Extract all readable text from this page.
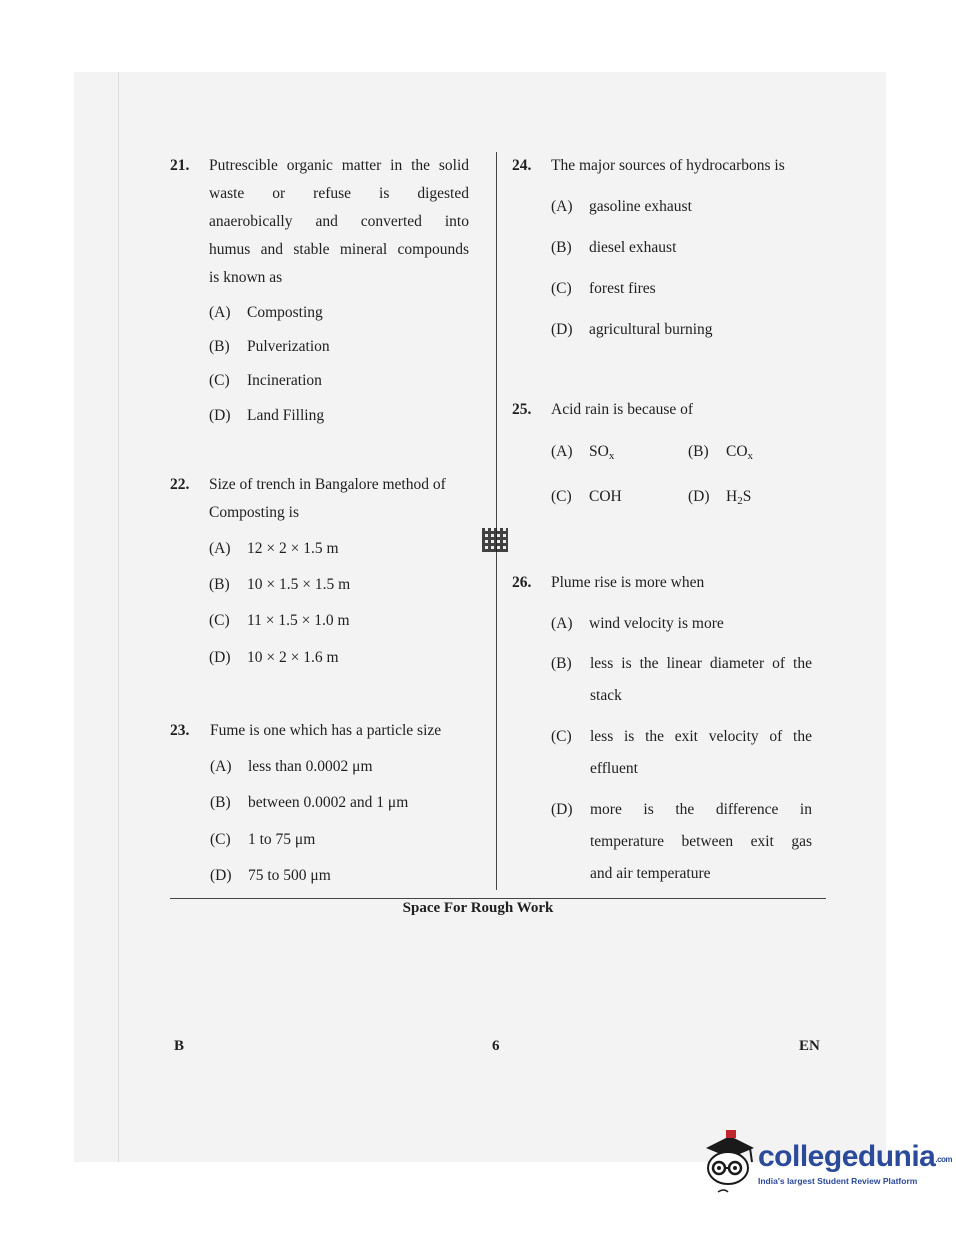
21. Putrescible organic matter in the solid
waste or refuse is digested
anaerobically and converted into
humus and stable mineral compounds
is known as
(A) Composting
(B) Pulverization
(C) Incineration
(D) Land Filling
22. Size of trench in Bangalore method of
Composting is
(A) 12 × 2 × 1.5 m
(B) 10 × 1.5 × 1.5 m
(C) 11 × 1.5 × 1.0 m
(D) 10 × 2 × 1.6 m
23. Fume is one which has a particle size
(A) less than 0.0002 μm
(B) between 0.0002 and 1 μm
(C) 1 to 75 μm
(D) 75 to 500 μm
24. The major sources of hydrocarbons is
(A) gasoline exhaust
(B) diesel exhaust
(C) forest fires
(D) agricultural burning
25. Acid rain is because of
(A) $SO_x$	(B) $CO_x$
(C) COH	(D) $H_2S$
26. Plume rise is more when
(A) wind velocity is more
(B)	less is the linear diameter of the
stack
(C)	less is the exit velocity of the
effluent
(D)	more is the difference in
temperature between exit gas
and air temperature
Space For Rough Work
B	6	EN
collegedunia.com
India's largest Student Review Platform
